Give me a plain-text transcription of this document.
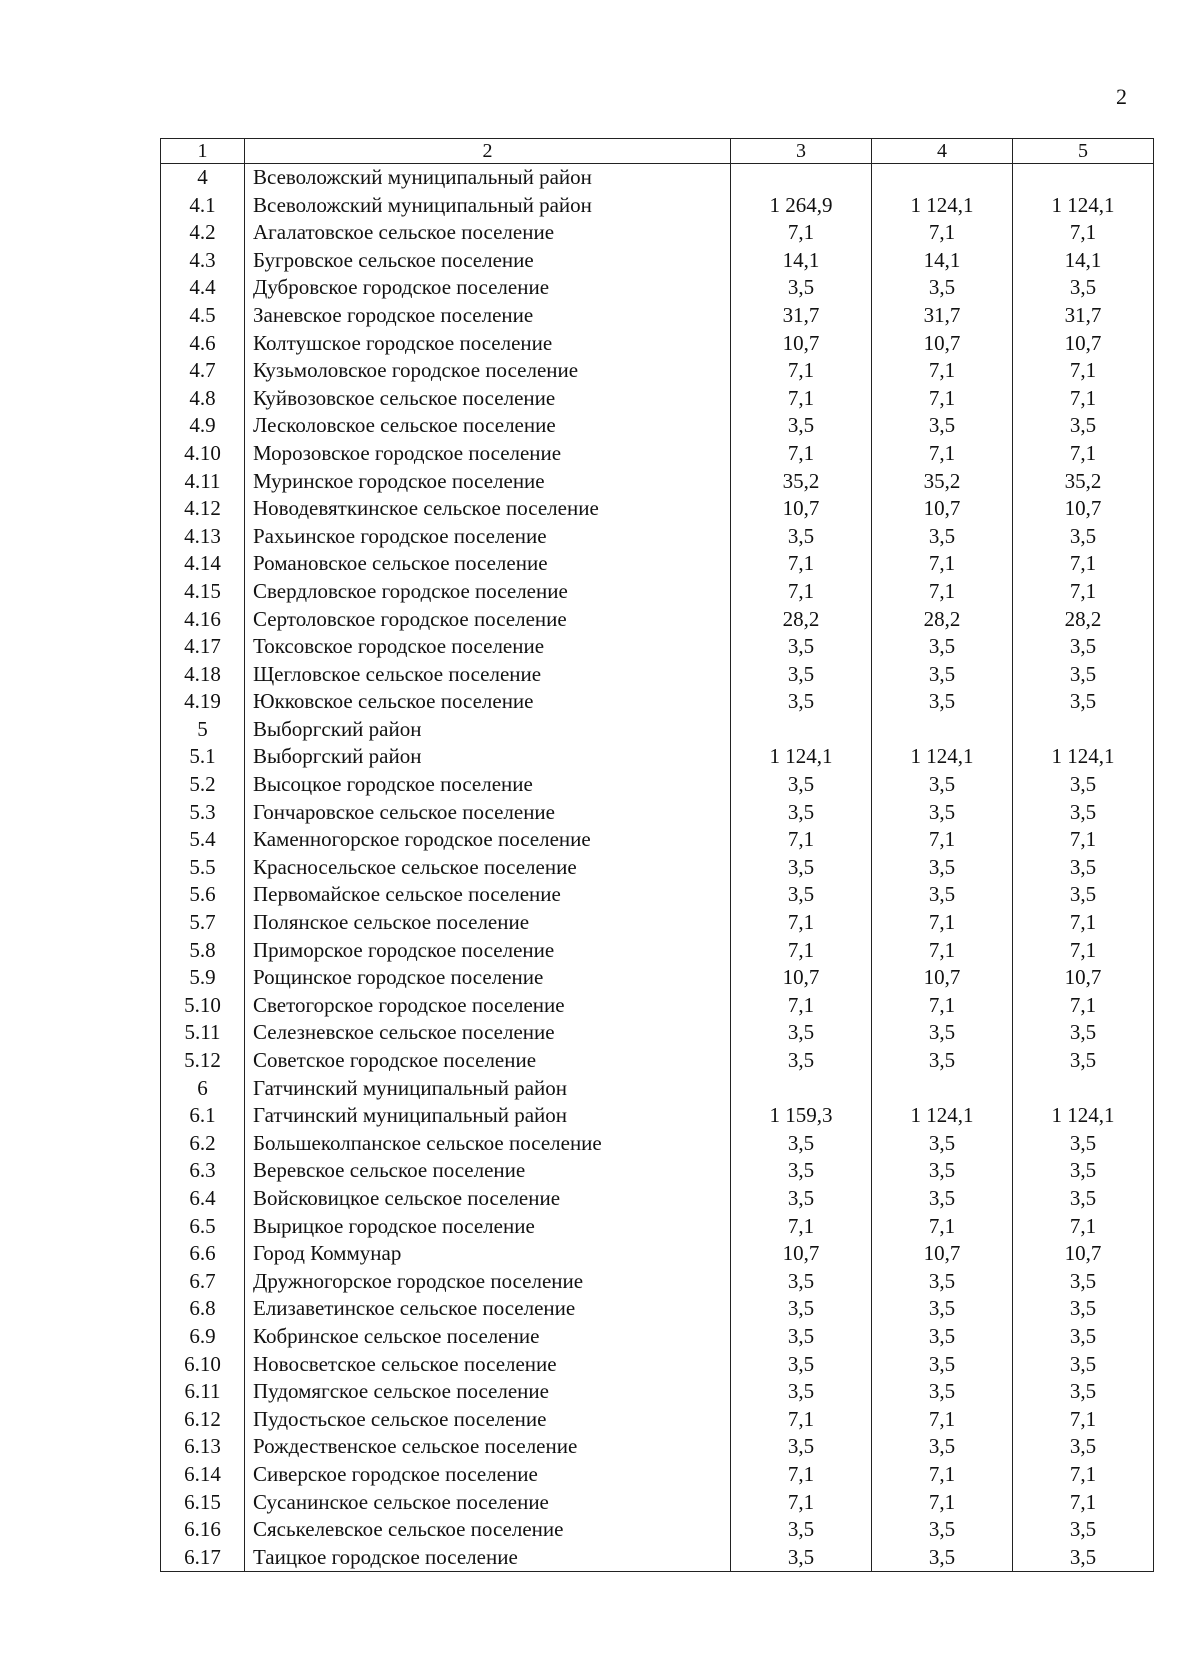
2
1	2	3	4	5
4	Всеволожский муниципальный район			
4.1	Всеволожский муниципальный район	1 264,9	1 124,1	1 124,1
4.2	Агалатовское сельское поселение	7,1	7,1	7,1
4.3	Бугровское сельское поселение	14,1	14,1	14,1
4.4	Дубровское городское поселение	3,5	3,5	3,5
4.5	Заневское городское поселение	31,7	31,7	31,7
4.6	Колтушское городское поселение	10,7	10,7	10,7
4.7	Кузьмоловское городское поселение	7,1	7,1	7,1
4.8	Куйвозовское сельское поселение	7,1	7,1	7,1
4.9	Лесколовское сельское поселение	3,5	3,5	3,5
4.10	Морозовское городское поселение	7,1	7,1	7,1
4.11	Муринское городское поселение	35,2	35,2	35,2
4.12	Новодевяткинское сельское поселение	10,7	10,7	10,7
4.13	Рахьинское городское поселение	3,5	3,5	3,5
4.14	Романовское сельское поселение	7,1	7,1	7,1
4.15	Свердловское городское поселение	7,1	7,1	7,1
4.16	Сертоловское городское поселение	28,2	28,2	28,2
4.17	Токсовское городское поселение	3,5	3,5	3,5
4.18	Щегловское сельское поселение	3,5	3,5	3,5
4.19	Юкковское сельское поселение	3,5	3,5	3,5
5	Выборгский район			
5.1	Выборгский район	1 124,1	1 124,1	1 124,1
5.2	Высоцкое городское поселение	3,5	3,5	3,5
5.3	Гончаровское сельское поселение	3,5	3,5	3,5
5.4	Каменногорское городское поселение	7,1	7,1	7,1
5.5	Красносельское сельское поселение	3,5	3,5	3,5
5.6	Первомайское сельское поселение	3,5	3,5	3,5
5.7	Полянское сельское поселение	7,1	7,1	7,1
5.8	Приморское городское поселение	7,1	7,1	7,1
5.9	Рощинское городское поселение	10,7	10,7	10,7
5.10	Светогорское городское поселение	7,1	7,1	7,1
5.11	Селезневское сельское поселение	3,5	3,5	3,5
5.12	Советское городское поселение	3,5	3,5	3,5
6	Гатчинский муниципальный район			
6.1	Гатчинский муниципальный район	1 159,3	1 124,1	1 124,1
6.2	Большеколпанское сельское поселение	3,5	3,5	3,5
6.3	Веревское сельское поселение	3,5	3,5	3,5
6.4	Войсковицкое сельское поселение	3,5	3,5	3,5
6.5	Вырицкое городское поселение	7,1	7,1	7,1
6.6	Город Коммунар	10,7	10,7	10,7
6.7	Дружногорское городское поселение	3,5	3,5	3,5
6.8	Елизаветинское сельское поселение	3,5	3,5	3,5
6.9	Кобринское сельское поселение	3,5	3,5	3,5
6.10	Новосветское сельское поселение	3,5	3,5	3,5
6.11	Пудомягское сельское поселение	3,5	3,5	3,5
6.12	Пудостьское сельское поселение	7,1	7,1	7,1
6.13	Рождественское сельское поселение	3,5	3,5	3,5
6.14	Сиверское городское поселение	7,1	7,1	7,1
6.15	Сусанинское сельское поселение	7,1	7,1	7,1
6.16	Сяськелевское сельское поселение	3,5	3,5	3,5
6.17	Таицкое городское поселение	3,5	3,5	3,5
